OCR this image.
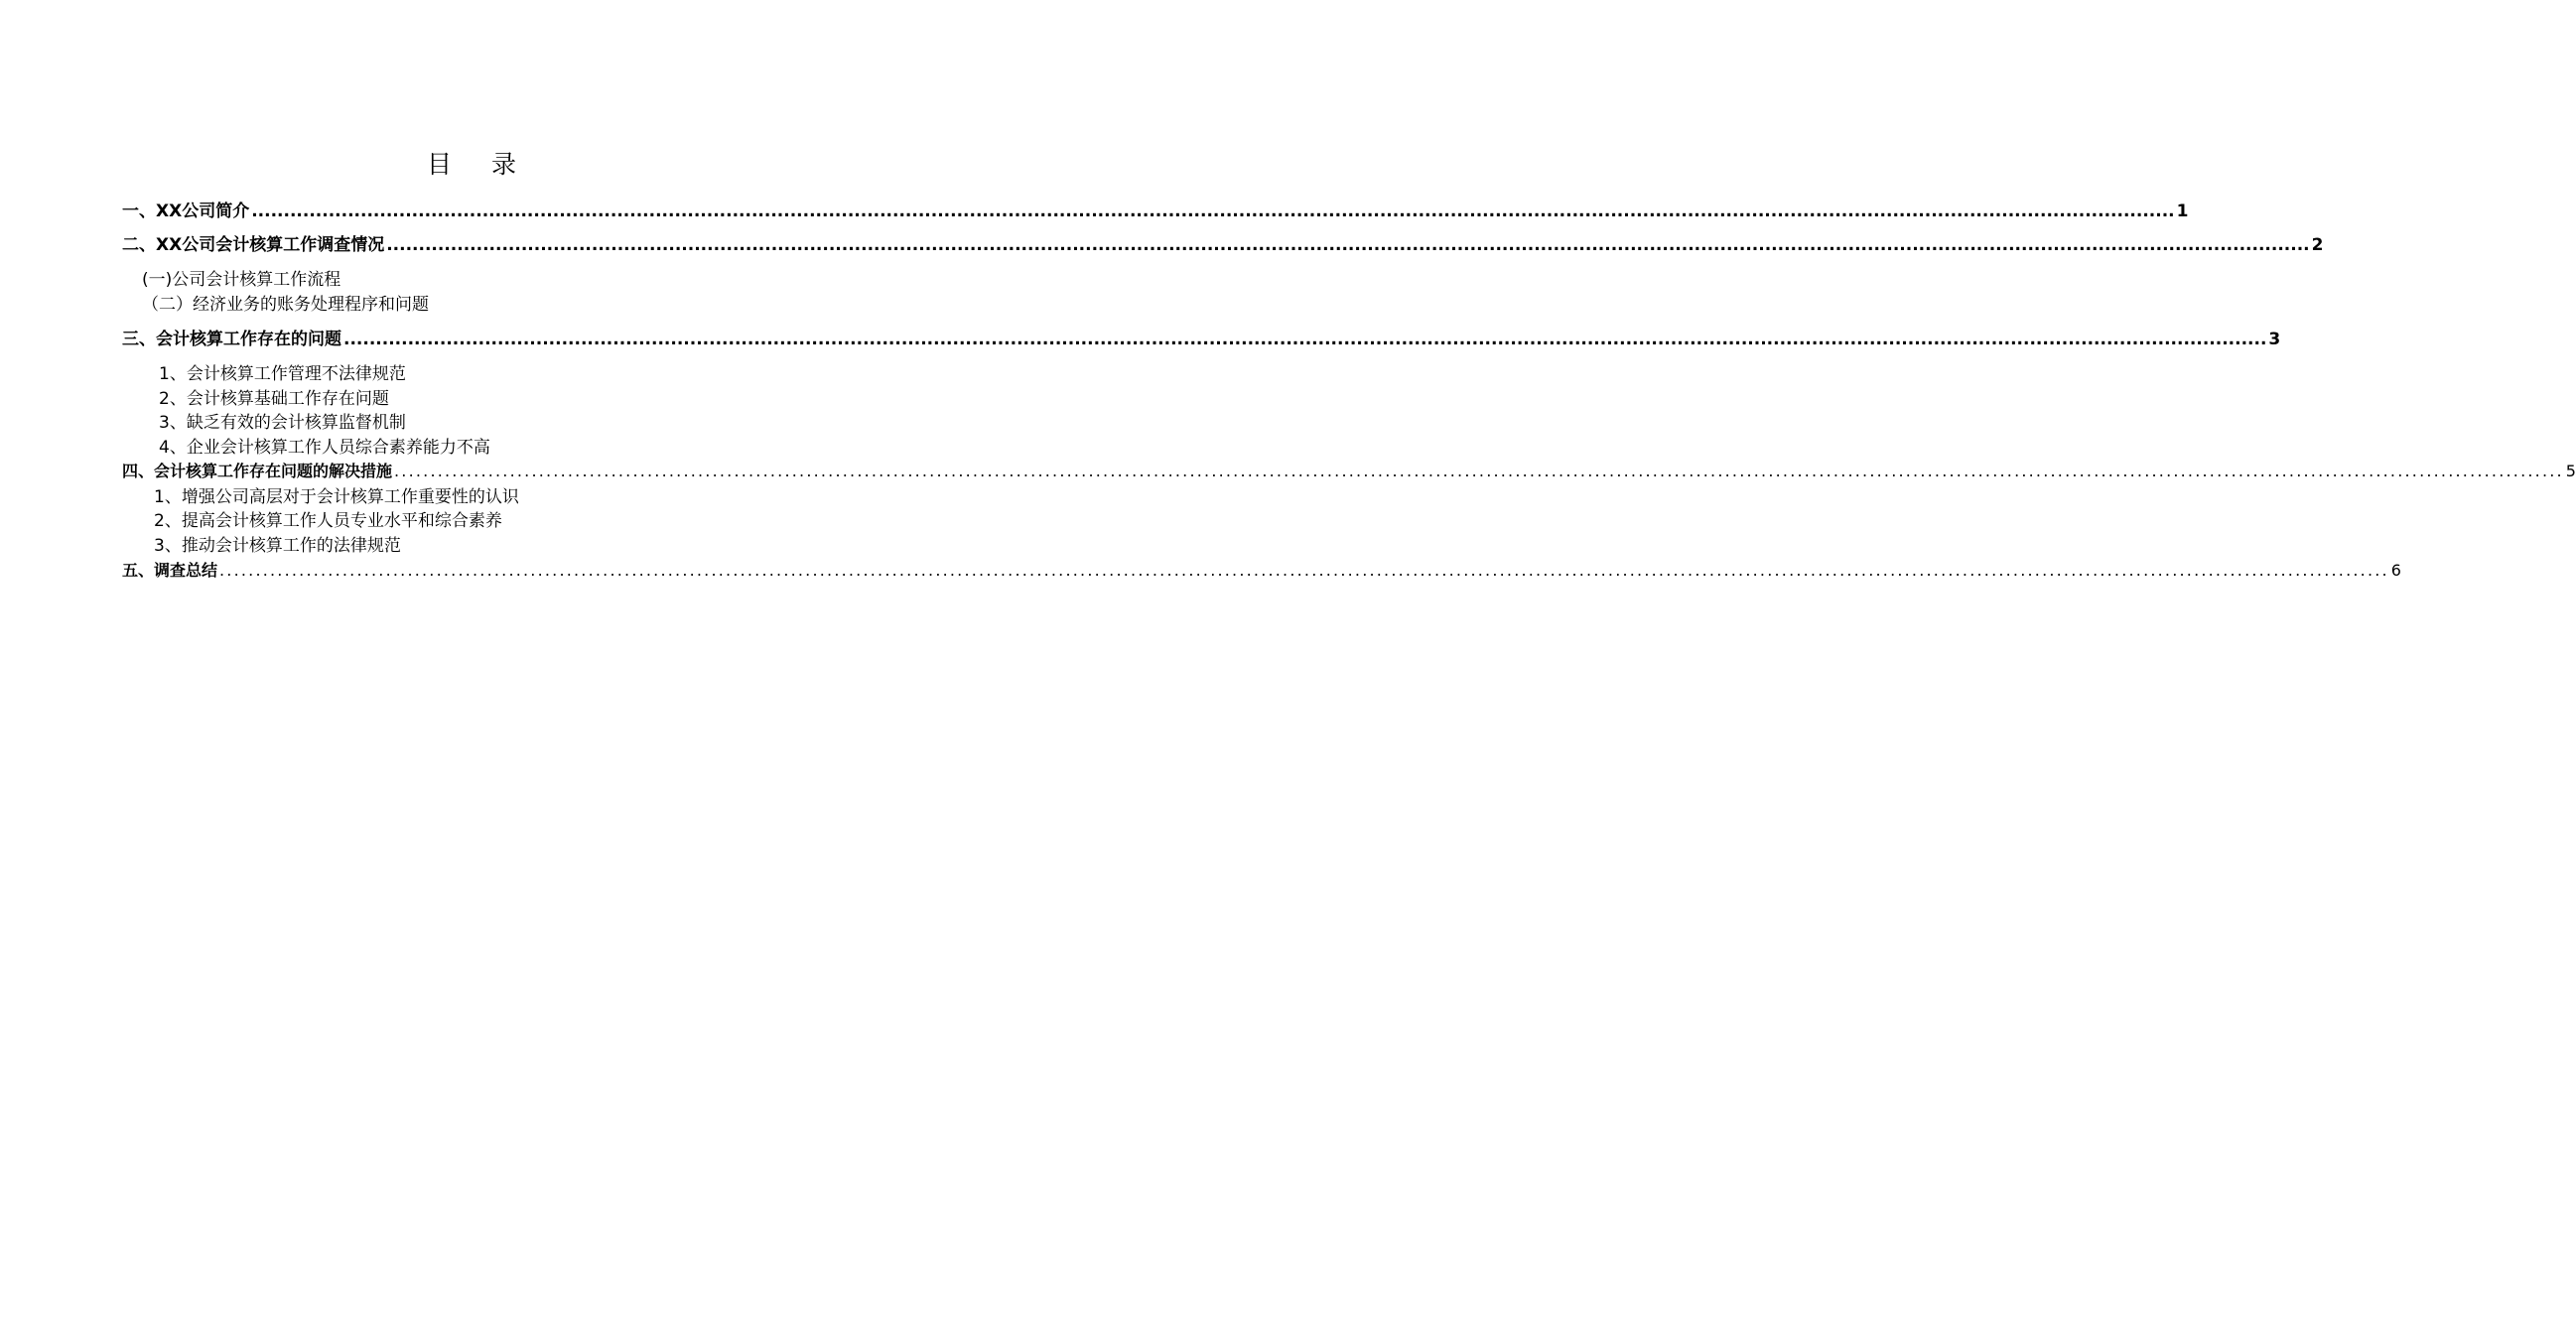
目 录
一、XX公司简介 ............................................................................................................................................................................................................................................................................................................ 1
二、XX公司会计核算工作调查情况 ............................................................................................................................................................................................................................................................................................................ 2
(一)公司会计核算工作流程
（二）经济业务的账务处理程序和问题
三、会计核算工作存在的问题 ............................................................................................................................................................................................................................................................................................................ 3
1、会计核算工作管理不法律规范
2、会计核算基础工作存在问题
3、缺乏有效的会计核算监督机制
4、企业会计核算工作人员综合素养能力不高
四、会计核算工作存在问题的解决措施 ............................................................................................................................................................................................................................................................................................................ 5
1、增强公司高层对于会计核算工作重要性的认识
2、提高会计核算工作人员专业水平和综合素养
3、推动会计核算工作的法律规范
五、调查总结 ............................................................................................................................................................................................................................................................................................................ 6
